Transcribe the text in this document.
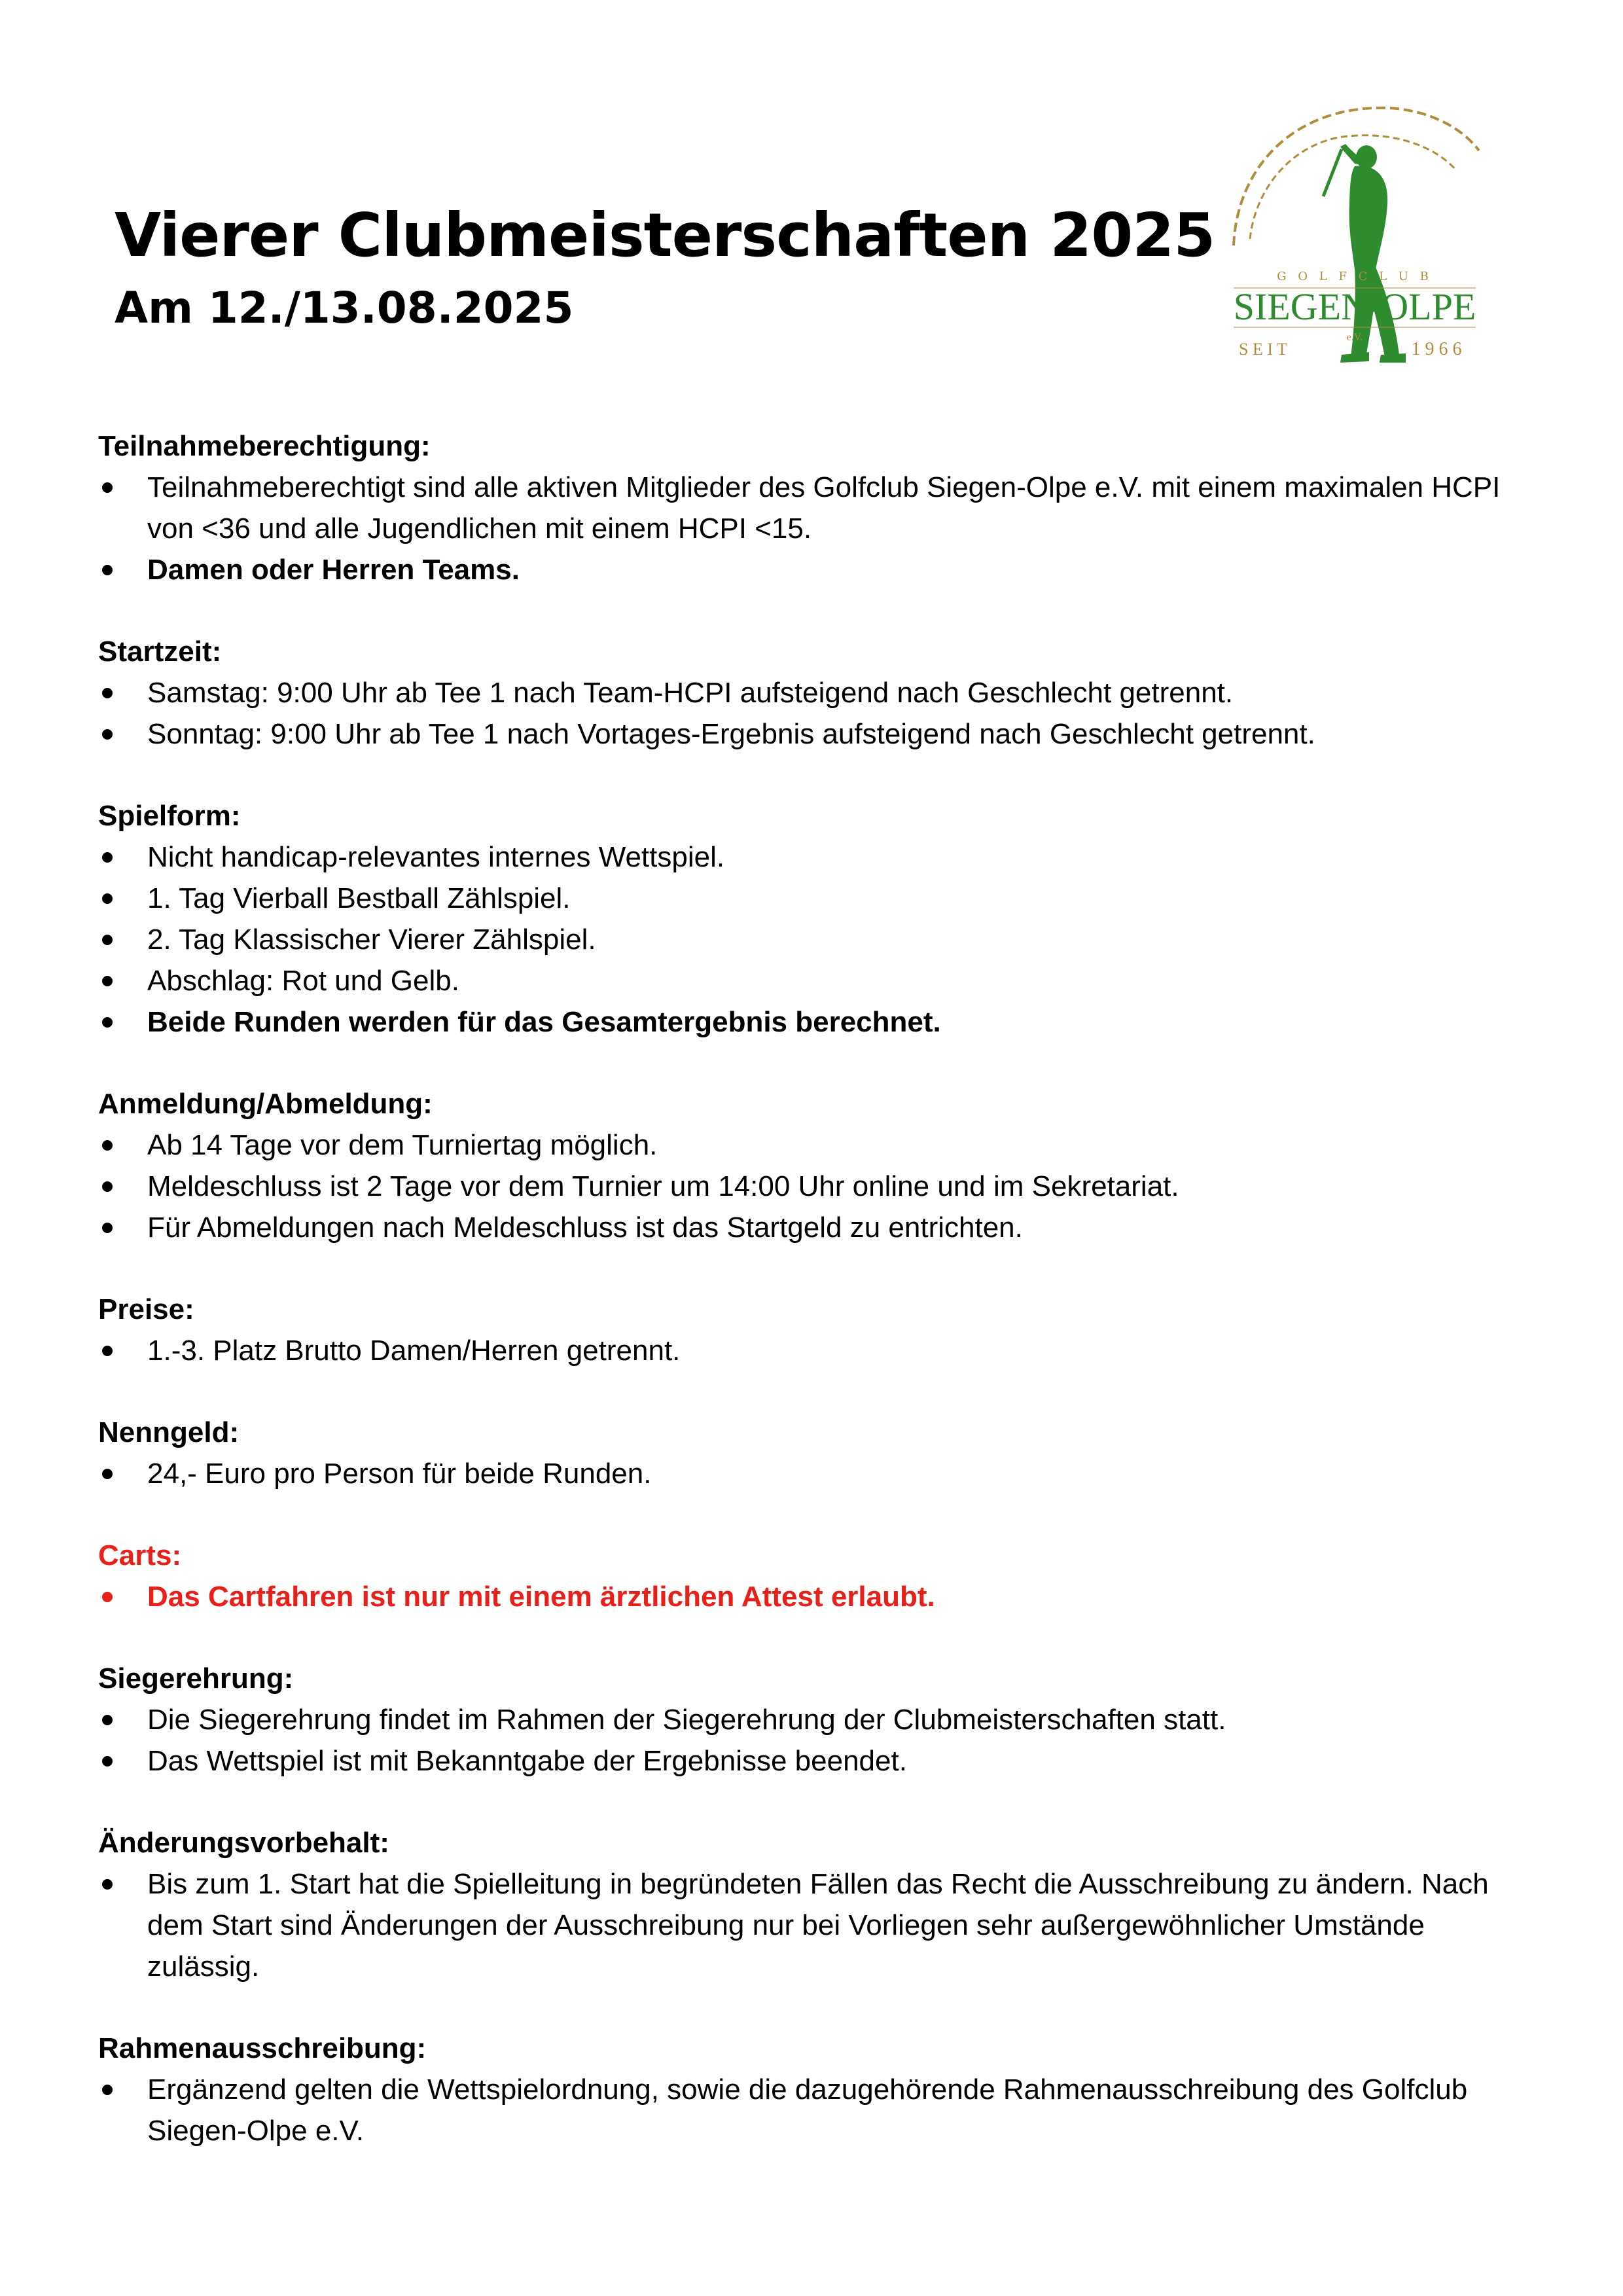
Vierer Clubmeisterschaften 2025
Am 12./13.08.2025
G O L F C L U B
SIEGEN-OLPE
e.V.
S E I T	1 9 6 6

Teilnahmeberechtigung:

Teilnahmeberechtigt sind alle aktiven Mitglieder des Golfclub Siegen-Olpe e.V. mit einem maximalen HCPI von <36 und alle Jugendlichen mit einem HCPI <15.
Damen oder Herren Teams.

Startzeit:

Samstag: 9:00 Uhr ab Tee 1 nach Team-HCPI aufsteigend nach Geschlecht getrennt.
Sonntag: 9:00 Uhr ab Tee 1 nach Vortages-Ergebnis aufsteigend nach Geschlecht getrennt.

Spielform:

Nicht handicap-relevantes internes Wettspiel.
1. Tag Vierball Bestball Zählspiel.
2. Tag Klassischer Vierer Zählspiel.
Abschlag: Rot und Gelb.
Beide Runden werden für das Gesamtergebnis berechnet.

Anmeldung/Abmeldung:

Ab 14 Tage vor dem Turniertag möglich.
Meldeschluss ist 2 Tage vor dem Turnier um 14:00 Uhr online und im Sekretariat.
Für Abmeldungen nach Meldeschluss ist das Startgeld zu entrichten.

Preise:

1.-3. Platz Brutto Damen/Herren getrennt.

Nenngeld:

24,- Euro pro Person für beide Runden.

Carts:

Das Cartfahren ist nur mit einem ärztlichen Attest erlaubt.

Siegerehrung:

Die Siegerehrung findet im Rahmen der Siegerehrung der Clubmeisterschaften statt.
Das Wettspiel ist mit Bekanntgabe der Ergebnisse beendet.

Änderungsvorbehalt:

Bis zum 1. Start hat die Spielleitung in begründeten Fällen das Recht die Ausschreibung zu ändern. Nach dem Start sind Änderungen der Ausschreibung nur bei Vorliegen sehr außergewöhnlicher Umstände zulässig.

Rahmenausschreibung:

Ergänzend gelten die Wettspielordnung, sowie die dazugehörende Rahmenausschreibung des Golfclub Siegen-Olpe e.V.
